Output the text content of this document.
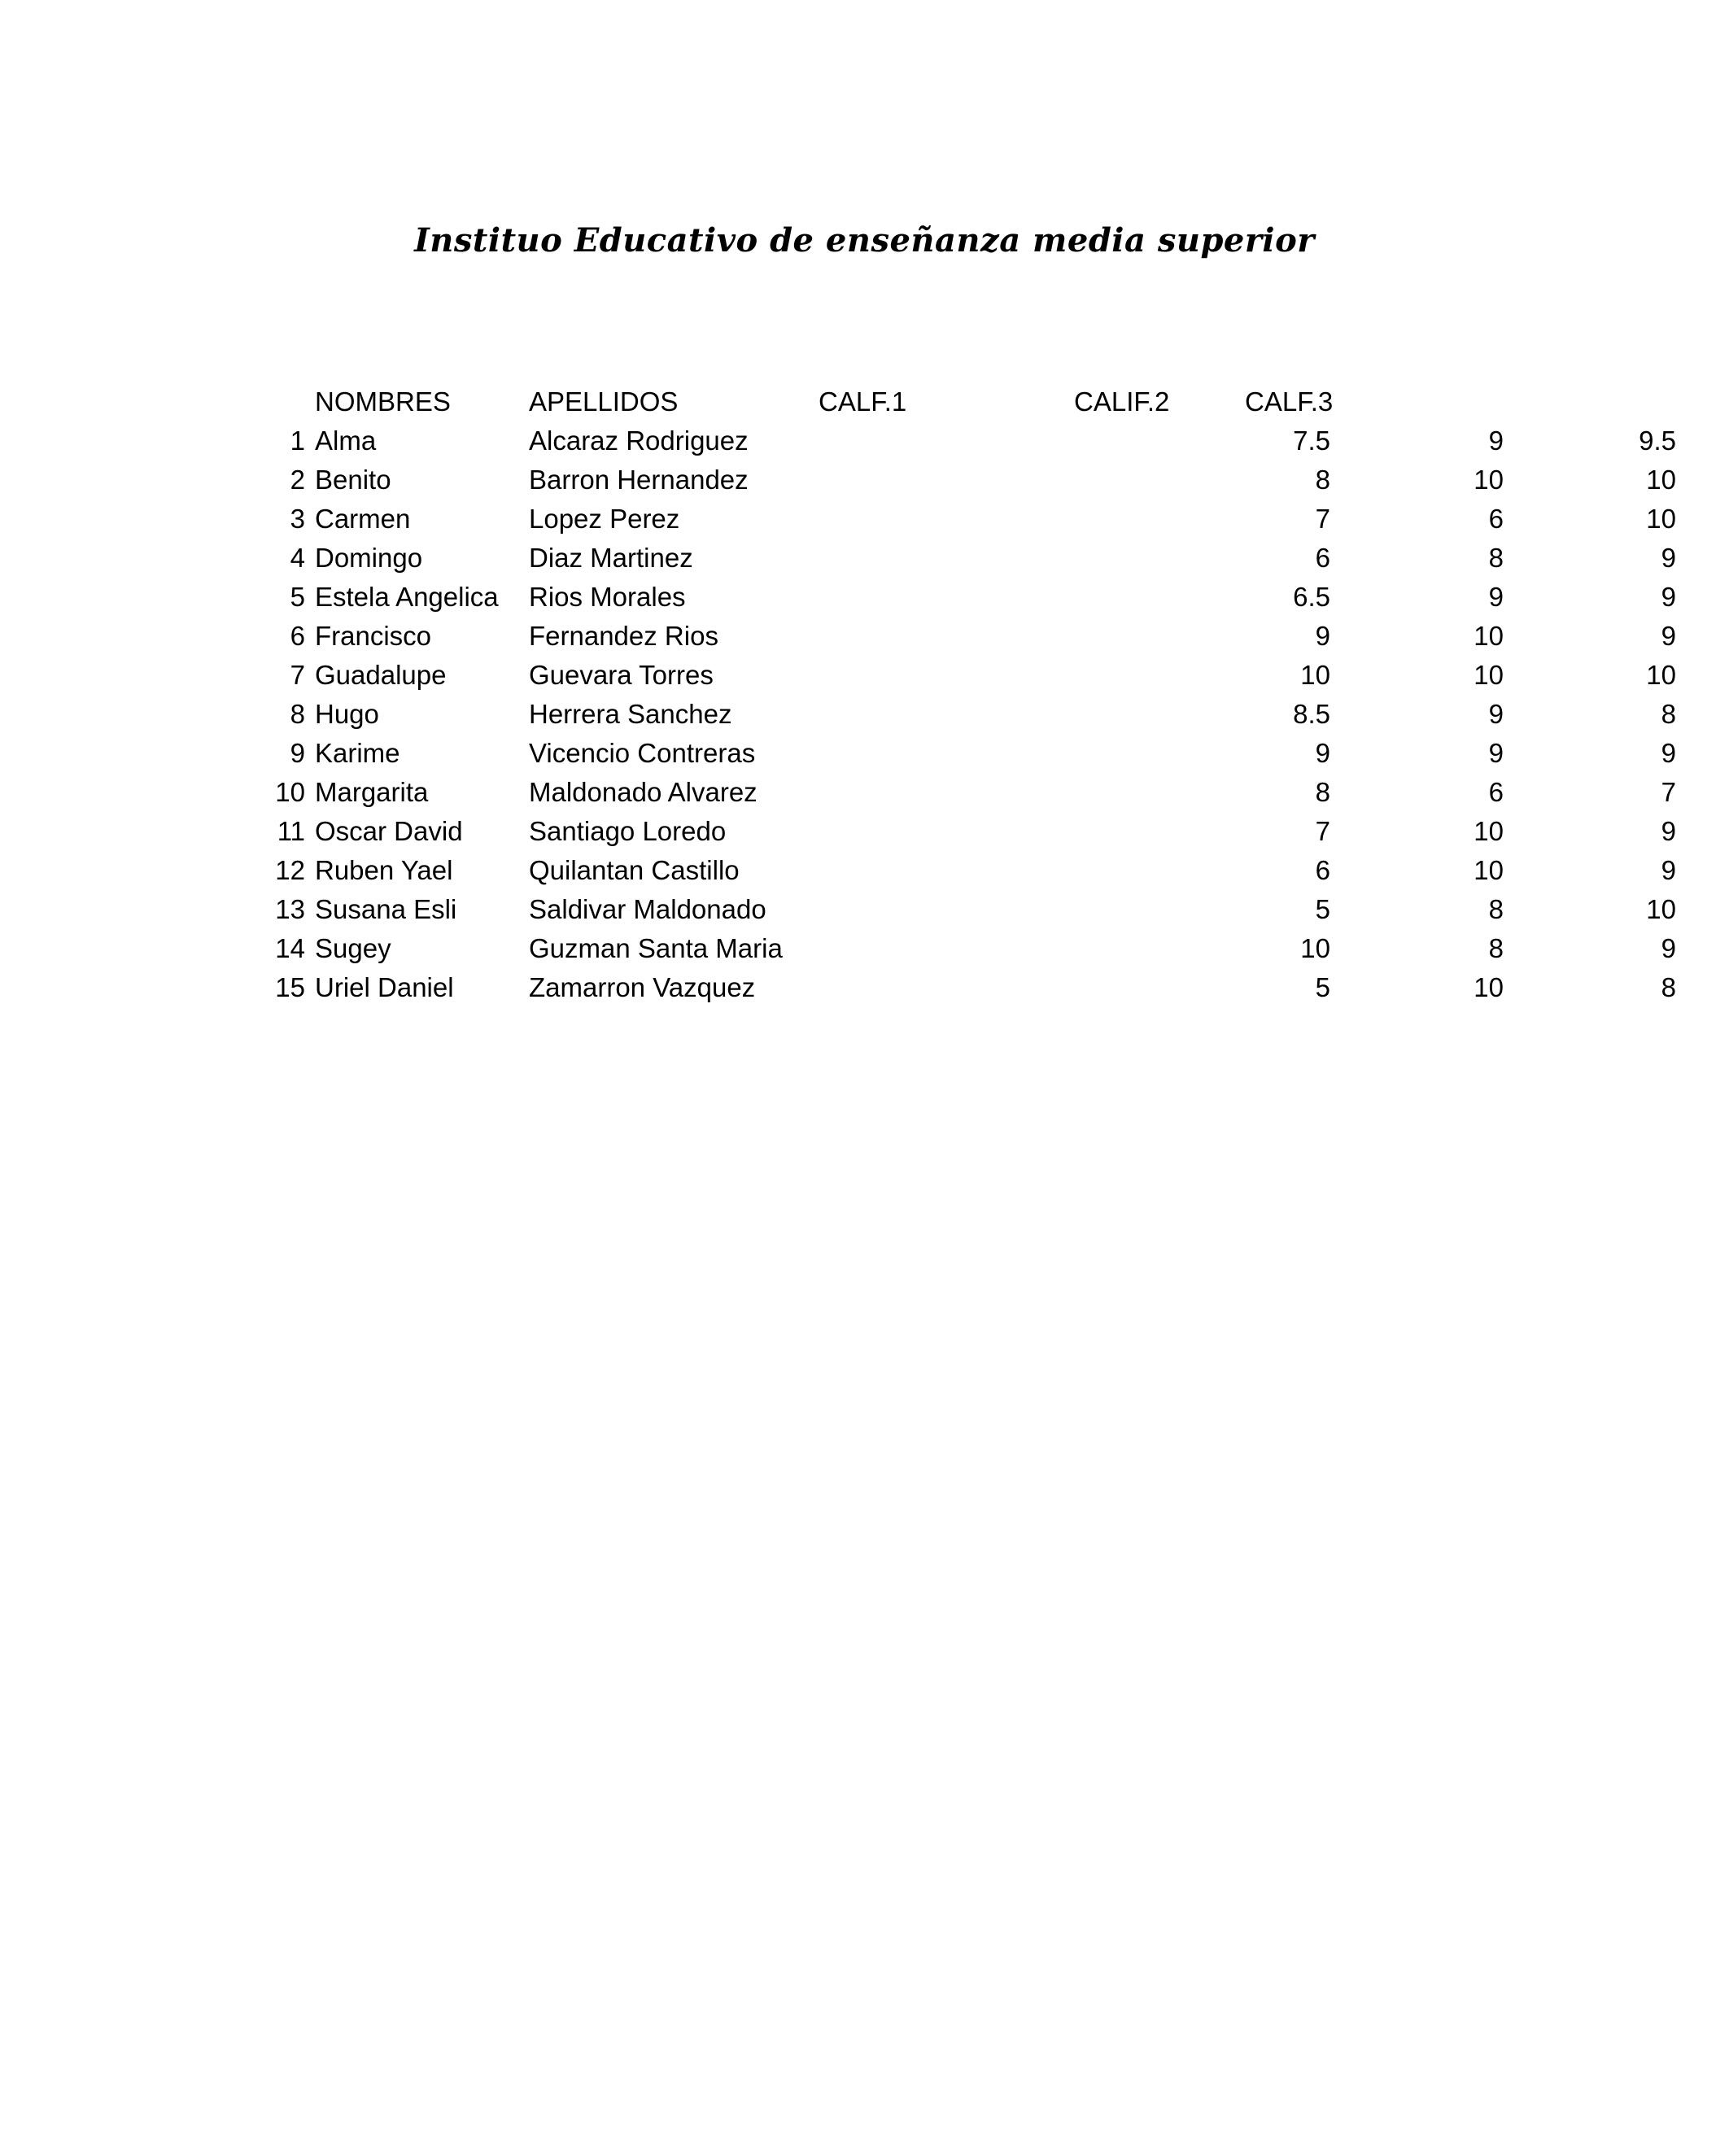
Instituo Educativo de enseñanza media superior
NOMBRES	APELLIDOS	CALF.1	CALIF.2	CALF.3
1 Alma	Alcaraz Rodriguez	7.5	9	9.5
2 Benito	Barron Hernandez	8	10	10
3 Carmen	Lopez Perez	7	6	10
4 Domingo	Diaz Martinez	6	8	9
5 Estela Angelica	Rios Morales	6.5	9	9
6 Francisco	Fernandez Rios	9	10	9
7 Guadalupe	Guevara Torres	10	10	10
8 Hugo	Herrera Sanchez	8.5	9	8
9 Karime	Vicencio Contreras	9	9	9
10 Margarita	Maldonado Alvarez	8	6	7
11 Oscar David	Santiago Loredo	7	10	9
12 Ruben Yael	Quilantan Castillo	6	10	9
13 Susana Esli	Saldivar Maldonado	5	8	10
14 Sugey	Guzman Santa Maria	10	8	9
15 Uriel Daniel	Zamarron Vazquez	5	10	8
